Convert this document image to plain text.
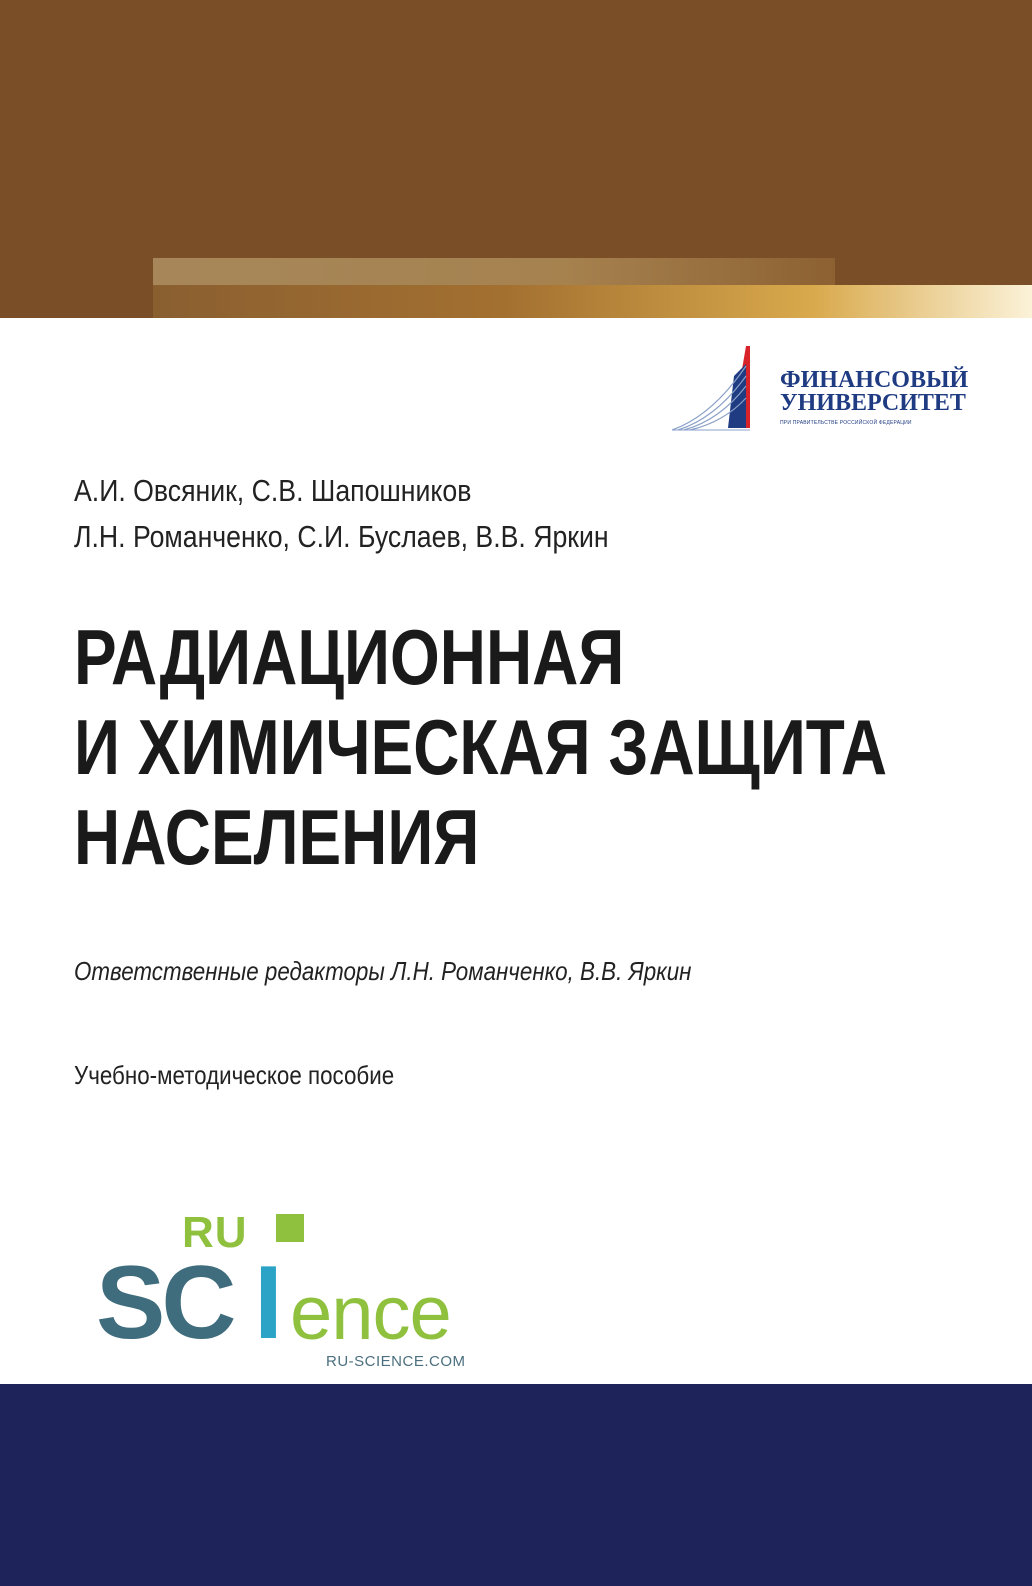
ФИНАНСОВЫЙ
УНИВЕРСИТЕТ
ПРИ ПРАВИТЕЛЬСТВЕ РОССИЙСКОЙ ФЕДЕРАЦИИ
А.И. Овсяник, С.В. Шапошников
Л.Н. Романченко, С.И. Буслаев, В.В. Яркин
РАДИАЦИОННАЯ
И ХИМИЧЕСКАЯ ЗАЩИТА
НАСЕЛЕНИЯ
Ответственные редакторы Л.Н. Романченко, В.В. Яркин
Учебно-методическое пособие
RU
SC I ence
RU-SCIENCE.COM
